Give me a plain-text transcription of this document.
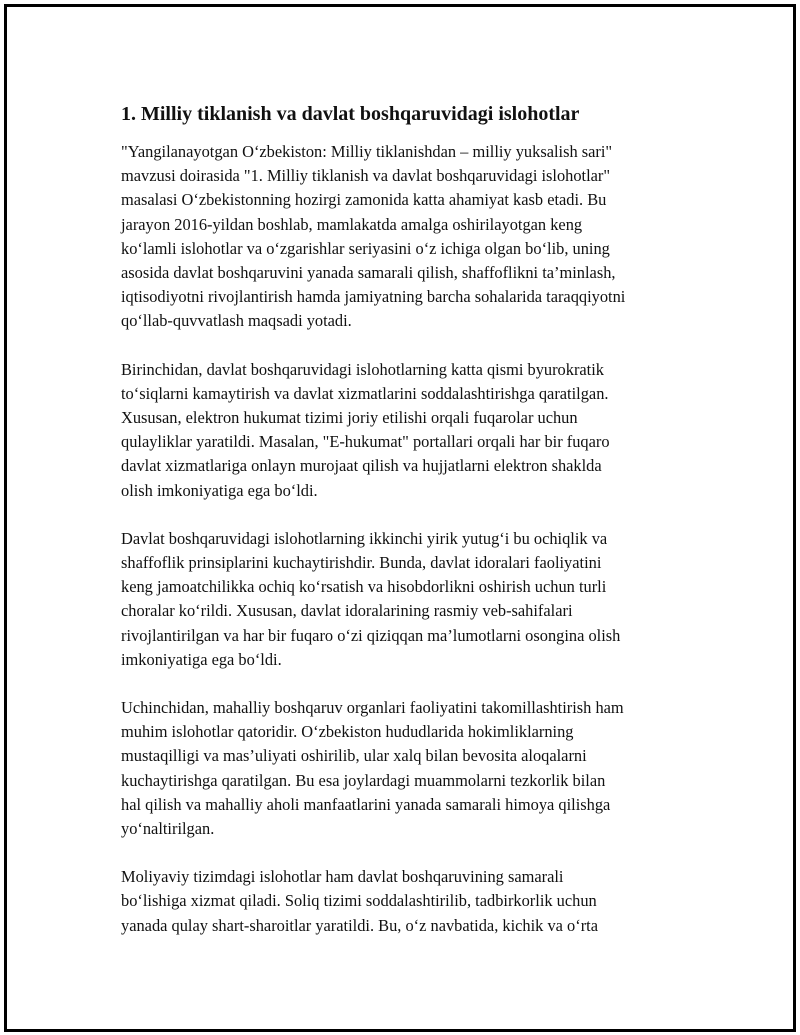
1. Milliy tiklanish va davlat boshqaruvidagi islohotlar

"Yangilanayotgan O‘zbekiston: Milliy tiklanishdan – milliy yuksalish sari"
mavzusi doirasida "1. Milliy tiklanish va davlat boshqaruvidagi islohotlar"
masalasi O‘zbekistonning hozirgi zamonida katta ahamiyat kasb etadi. Bu
jarayon 2016-yildan boshlab, mamlakatda amalga oshirilayotgan keng
ko‘lamli islohotlar va o‘zgarishlar seriyasini o‘z ichiga olgan bo‘lib, uning
asosida davlat boshqaruvini yanada samarali qilish, shaffoflikni ta’minlash,
iqtisodiyotni rivojlantirish hamda jamiyatning barcha sohalarida taraqqiyotni
qo‘llab-quvvatlash maqsadi yotadi.

Birinchidan, davlat boshqaruvidagi islohotlarning katta qismi byurokratik
to‘siqlarni kamaytirish va davlat xizmatlarini soddalashtirishga qaratilgan.
Xususan, elektron hukumat tizimi joriy etilishi orqali fuqarolar uchun
qulayliklar yaratildi. Masalan, "E-hukumat" portallari orqali har bir fuqaro
davlat xizmatlariga onlayn murojaat qilish va hujjatlarni elektron shaklda
olish imkoniyatiga ega bo‘ldi.

Davlat boshqaruvidagi islohotlarning ikkinchi yirik yutug‘i bu ochiqlik va
shaffoflik prinsiplarini kuchaytirishdir. Bunda, davlat idoralari faoliyatini
keng jamoatchilikka ochiq ko‘rsatish va hisobdorlikni oshirish uchun turli
choralar ko‘rildi. Xususan, davlat idoralarining rasmiy veb-sahifalari
rivojlantirilgan va har bir fuqaro o‘zi qiziqqan ma’lumotlarni osongina olish
imkoniyatiga ega bo‘ldi.

Uchinchidan, mahalliy boshqaruv organlari faoliyatini takomillashtirish ham
muhim islohotlar qatoridir. O‘zbekiston hududlarida hokimliklarning
mustaqilligi va mas’uliyati oshirilib, ular xalq bilan bevosita aloqalarni
kuchaytirishga qaratilgan. Bu esa joylardagi muammolarni tezkorlik bilan
hal qilish va mahalliy aholi manfaatlarini yanada samarali himoya qilishga
yo‘naltirilgan.

Moliyaviy tizimdagi islohotlar ham davlat boshqaruvining samarali
bo‘lishiga xizmat qiladi. Soliq tizimi soddalashtirilib, tadbirkorlik uchun
yanada qulay shart-sharoitlar yaratildi. Bu, o‘z navbatida, kichik va o‘rta
